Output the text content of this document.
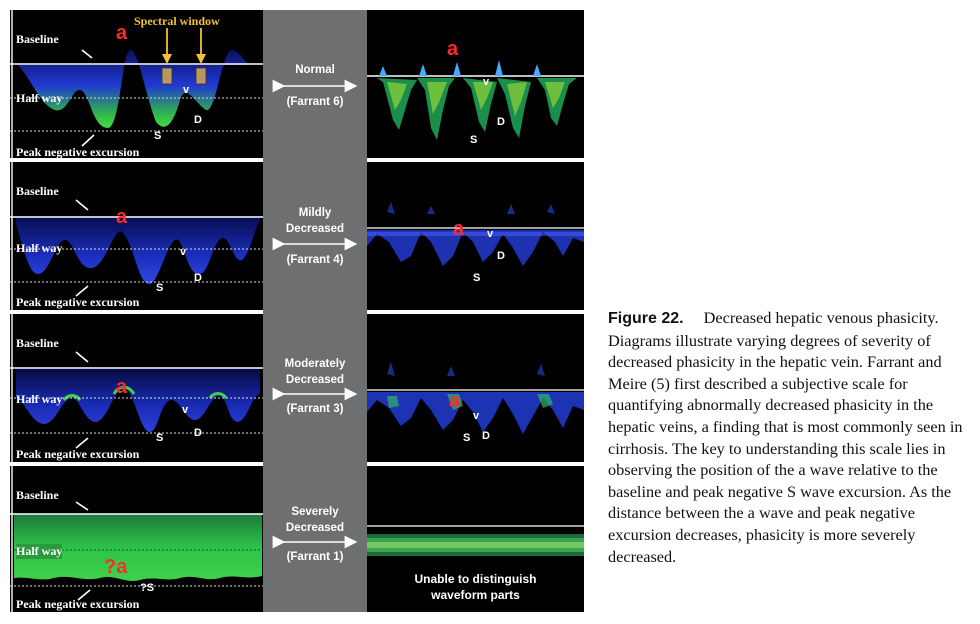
Normal
(Farrant 6)
Mildly
Decreased
(Farrant 4)
Moderately
Decreased
(Farrant 3)
Severely
Decreased
(Farrant 1)
Baseline
Half way
Peak negative excursion
Spectral window
a
v
S
D
Baseline
Half way
Peak negative excursion
a
v
S
D
Baseline
Half way
Peak negative excursion
a
v
S	D
Baseline
Half way
Peak negative excursion
?a
?S
a
v
S
D
a v
S
D
a
v
S D
Unable to distinguish
waveform parts
Figure 22.  Decreased hepatic venous phasicity. Diagrams illustrate varying degrees of severity of decreased phasicity in the hepatic vein. Farrant and Meire (5) first described a subjective scale for quantifying abnormally decreased phasicity in the hepatic veins, a finding that is most commonly seen in cirrhosis. The key to understanding this scale lies in observing the position of the a wave relative to the baseline and peak negative S wave excursion. As the distance between the a wave and peak negative excursion decreases, phasicity is more severely decreased.
